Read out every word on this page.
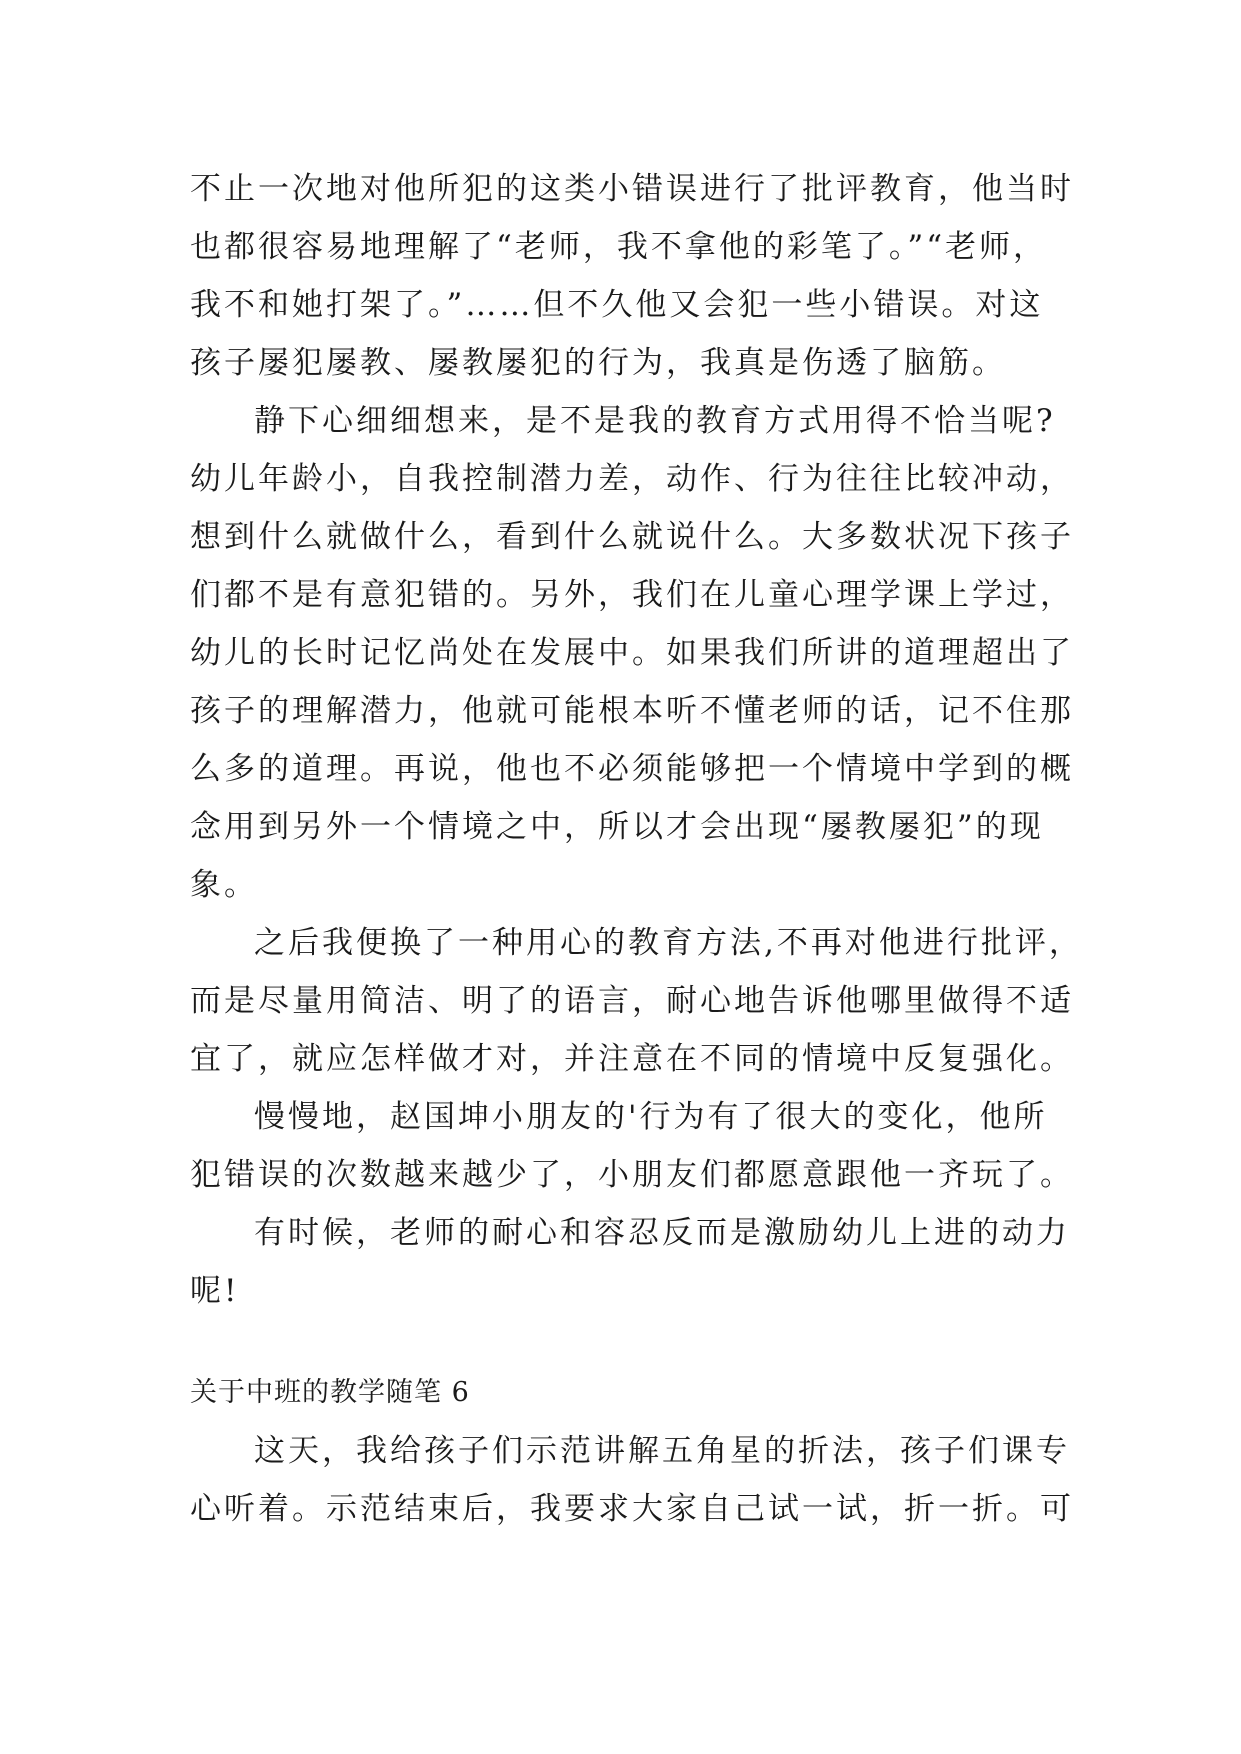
不止一次地对他所犯的这类小错误进行了批评教育，他当时
也都很容易地理解了“老师，我不拿他的彩笔了。”“老师，
我不和她打架了。”……但不久他又会犯一些小错误。对这
孩子屡犯屡教、屡教屡犯的行为，我真是伤透了脑筋。
静下心细细想来，是不是我的教育方式用得不恰当呢?
幼儿年龄小，自我控制潜力差，动作、行为往往比较冲动，
想到什么就做什么，看到什么就说什么。大多数状况下孩子
们都不是有意犯错的。另外，我们在儿童心理学课上学过，
幼儿的长时记忆尚处在发展中。如果我们所讲的道理超出了
孩子的理解潜力，他就可能根本听不懂老师的话，记不住那
么多的道理。再说，他也不必须能够把一个情境中学到的概
念用到另外一个情境之中，所以才会出现“屡教屡犯”的现
象。
之后我便换了一种用心的教育方法,不再对他进行批评，
而是尽量用简洁、明了的语言，耐心地告诉他哪里做得不适
宜了，就应怎样做才对，并注意在不同的情境中反复强化。
慢慢地，赵国坤小朋友的'行为有了很大的变化，他所
犯错误的次数越来越少了，小朋友们都愿意跟他一齐玩了。
有时候，老师的耐心和容忍反而是激励幼儿上进的动力
呢!
关于中班的教学随笔 6
这天，我给孩子们示范讲解五角星的折法，孩子们课专
心听着。示范结束后，我要求大家自己试一试，折一折。可
